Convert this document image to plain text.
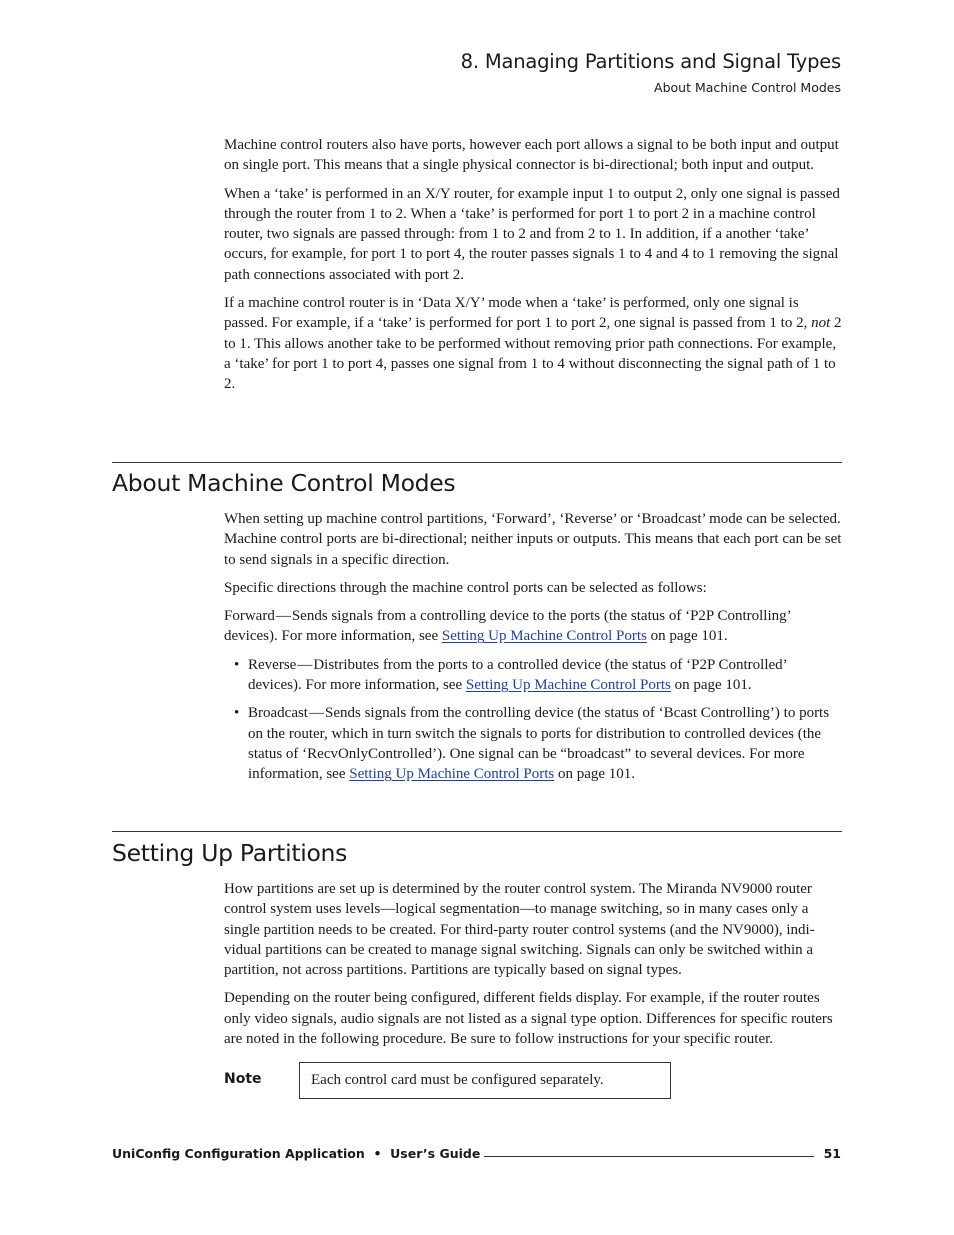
8. Managing Partitions and Signal Types
About Machine Control Modes

Machine control routers also have ports, however each port allows a signal to be both input and output on single port. This means that a single physical connector is bi-directional; both input and output.

When a ‘take’ is performed in an X/Y router, for example input 1 to output 2, only one signal is passed through the router from 1 to 2. When a ‘take’ is performed for port 1 to port 2 in a machine control router, two signals are passed through: from 1 to 2 and from 2 to 1. In addition, if a another ‘take’ occurs, for example, for port 1 to port 4, the router passes signals 1 to 4 and 4 to 1 removing the signal path connections associated with port 2.

If a machine control router is in ‘Data X/Y’ mode when a ‘take’ is performed, only one signal is passed. For example, if a ‘take’ is performed for port 1 to port 2, one signal is passed from 1 to 2, not 2 to 1. This allows another take to be performed without removing prior path connections. For example, a ‘take’ for port 1 to port 4, passes one signal from 1 to 4 without disconnecting the signal path of 1 to 2.

About Machine Control Modes

When setting up machine control partitions, ‘Forward’, ‘Reverse’ or ‘Broadcast’ mode can be selected. Machine control ports are bi-directional; neither inputs or outputs. This means that each port can be set to send signals in a specific direction.

Specific directions through the machine control ports can be selected as follows:

Forward—Sends signals from a controlling device to the ports (the status of ‘P2P Controlling’ devices). For more information, see Setting Up Machine Control Ports on page 101.

• Reverse—Distributes from the ports to a controlled device (the status of ‘P2P Controlled’ devices). For more information, see Setting Up Machine Control Ports on page 101.
• Broadcast—Sends signals from the controlling device (the status of ‘Bcast Controlling’) to ports on the router, which in turn switch the signals to ports for distribution to controlled devices (the status of ‘RecvOnlyControlled’). One signal can be “broadcast” to several devices. For more information, see Setting Up Machine Control Ports on page 101.
Setting Up Partitions

How partitions are set up is determined by the router control system. The Miranda NV9000 router control system uses levels—logical segmentation—to manage switching, so in many cases only a single partition needs to be created. For third-party router control systems (and the NV9000), individual partitions can be created to manage signal switching. Signals can only be switched within a partition, not across partitions. Partitions are typically based on signal types.

Depending on the router being configured, different fields display. For example, if the router routes only video signals, audio signals are not listed as a signal type option. Differences for specific routers are noted in the following procedure. Be sure to follow instructions for your specific router.

Note	Each control card must be configured separately.
UniConfig Configuration Application  •  User’s Guide	51
